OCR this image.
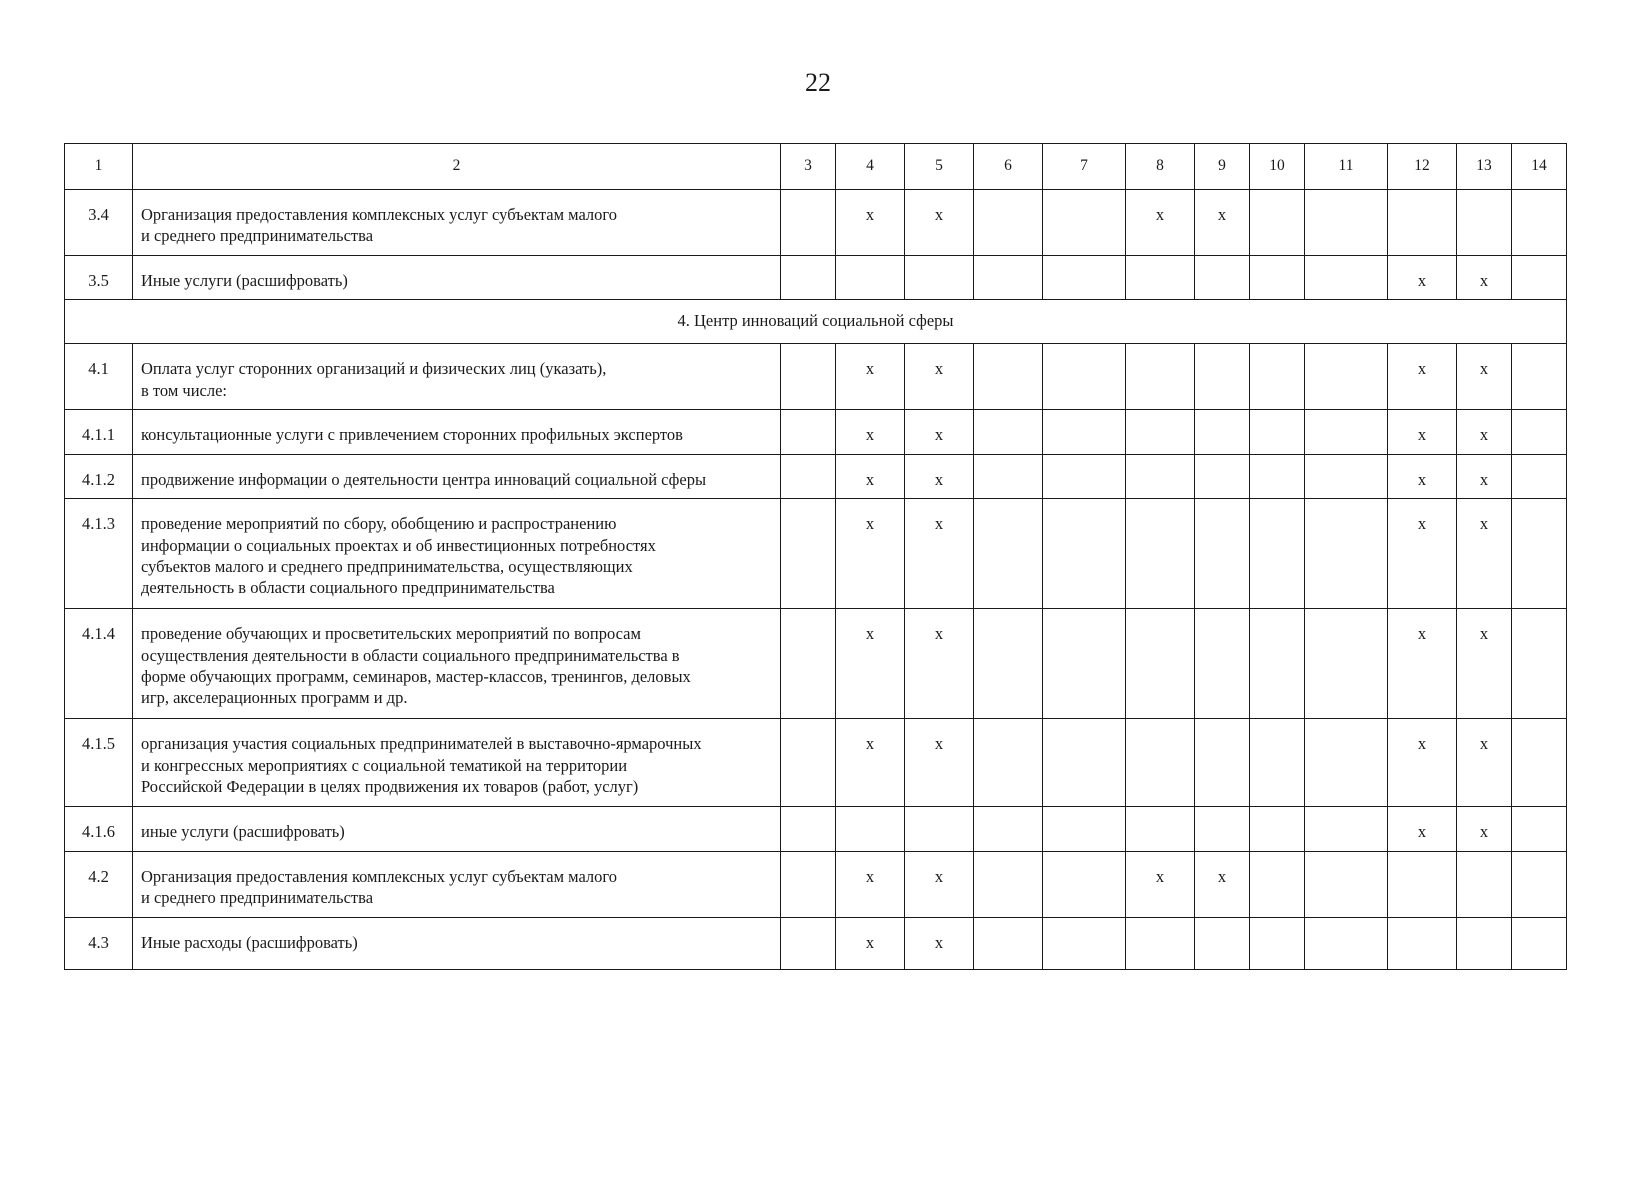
22
1	2	3	4	5	6	7	8	9	10	11	12	13	14
3.4	Организация предоставления комплексных услуг субъектам малого
и среднего предпринимательства		х	х			х	х					
3.5	Иные услуги (расшифровать)										х	х	
4. Центр инноваций социальной сферы													
4.1	Оплата услуг сторонних организаций и физических лиц (указать),
в том числе:		х	х							х	х	
4.1.1	консультационные услуги с привлечением сторонних профильных экспертов		х	х							х	х	
4.1.2	продвижение информации о деятельности центра инноваций социальной сферы		х	х							х	х	
4.1.3	проведение мероприятий по сбору, обобщению и распространению
информации о социальных проектах и об инвестиционных потребностях
субъектов малого и среднего предпринимательства, осуществляющих
деятельность в области социального предпринимательства		х	х							х	х	
4.1.4	проведение обучающих и просветительских мероприятий по вопросам
осуществления деятельности в области социального предпринимательства в
форме обучающих программ, семинаров, мастер-классов, тренингов, деловых
игр, акселерационных программ и др.		х	х							х	х	
4.1.5	организация участия социальных предпринимателей в выставочно-ярмарочных
и конгрессных мероприятиях с социальной тематикой на территории
Российской Федерации в целях продвижения их товаров (работ, услуг)		х	х							х	х	
4.1.6	иные услуги (расшифровать)										х	х	
4.2	Организация предоставления комплексных услуг субъектам малого
и среднего предпринимательства		х	х			х	х					
4.3	Иные расходы (расшифровать)		х	х									
